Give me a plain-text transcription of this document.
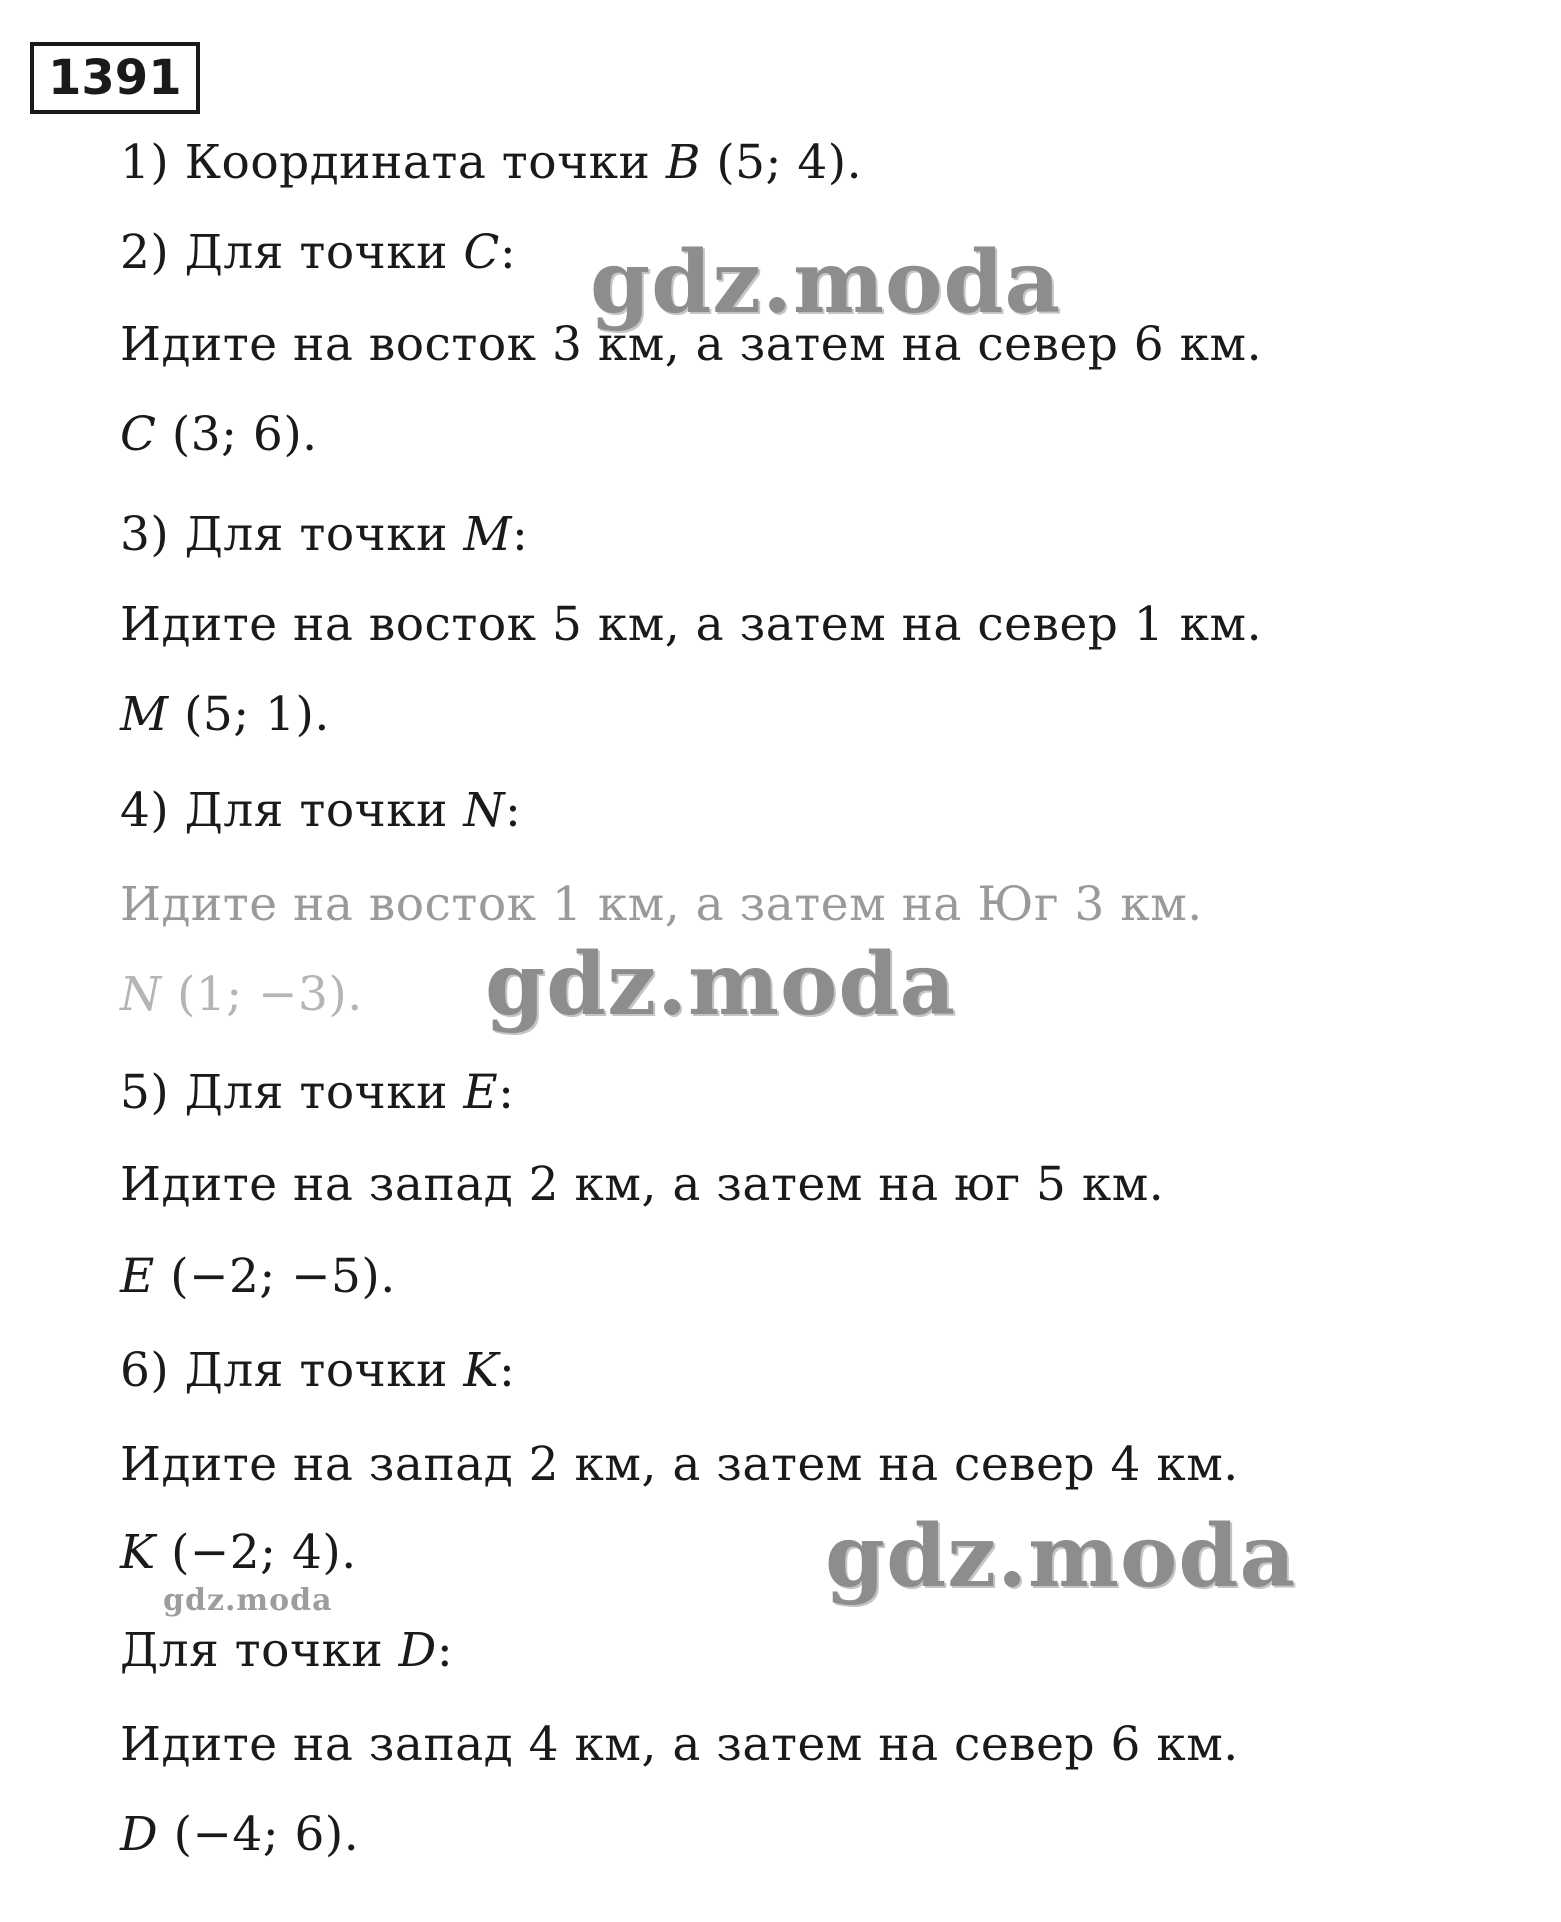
1391
1) Координата точки B (5; 4).
2) Для точки C:
Идите на восток 3 км, а затем на север 6 км.
C (3; 6).
3) Для точки M:
Идите на восток 5 км, а затем на север 1 км.
M (5; 1).
4) Для точки N:
Идите на восток 1 км, а затем на Юг 3 км.
N (1; −3).
5) Для точки E:
Идите на запад 2 км, а затем на юг 5 км.
E (−2; −5).
6) Для точки K:
Идите на запад 2 км, а затем на север 4 км.
K (−2; 4).
Для точки D:
Идите на запад 4 км, а затем на север 6 км.
D (−4; 6).
gdz.moda
gdz.moda
gdz.moda
gdz.moda
